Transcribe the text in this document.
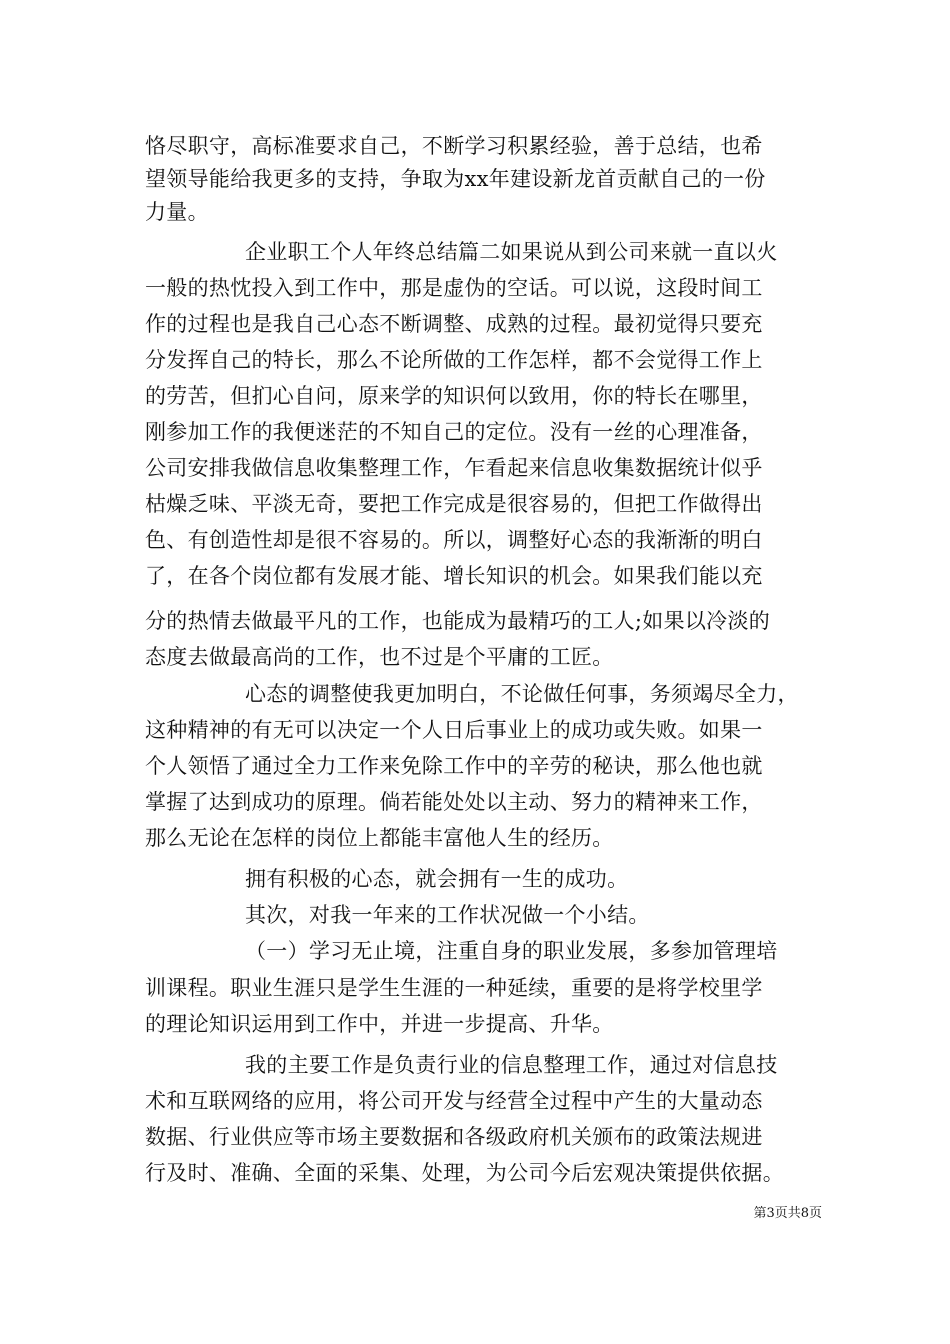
恪尽职守，高标准要求自己，不断学习积累经验，善于总结，也希
望领导能给我更多的支持，争取为xx年建设新龙首贡献自己的一份
力量。
企业职工个人年终总结篇二如果说从到公司来就一直以火
一般的热忱投入到工作中，那是虚伪的空话。可以说，这段时间工
作的过程也是我自己心态不断调整、成熟的过程。最初觉得只要充
分发挥自己的特长，那么不论所做的工作怎样，都不会觉得工作上
的劳苦，但扪心自问，原来学的知识何以致用，你的特长在哪里，
刚参加工作的我便迷茫的不知自己的定位。没有一丝的心理准备，
公司安排我做信息收集整理工作，乍看起来信息收集数据统计似乎
枯燥乏味、平淡无奇，要把工作完成是很容易的，但把工作做得出
色、有创造性却是很不容易的。所以，调整好心态的我渐渐的明白
了，在各个岗位都有发展才能、增长知识的机会。如果我们能以充
分的热情去做最平凡的工作，也能成为最精巧的工人;如果以冷淡的
态度去做最高尚的工作，也不过是个平庸的工匠。
心态的调整使我更加明白，不论做任何事，务须竭尽全力，
这种精神的有无可以决定一个人日后事业上的成功或失败。如果一
个人领悟了通过全力工作来免除工作中的辛劳的秘诀，那么他也就
掌握了达到成功的原理。倘若能处处以主动、努力的精神来工作，
那么无论在怎样的岗位上都能丰富他人生的经历。
拥有积极的心态，就会拥有一生的成功。
其次，对我一年来的工作状况做一个小结。
（一）学习无止境，注重自身的职业发展，多参加管理培
训课程。职业生涯只是学生生涯的一种延续，重要的是将学校里学
的理论知识运用到工作中，并进一步提高、升华。
我的主要工作是负责行业的信息整理工作，通过对信息技
术和互联网络的应用，将公司开发与经营全过程中产生的大量动态
数据、行业供应等市场主要数据和各级政府机关颁布的政策法规进
行及时、准确、全面的采集、处理，为公司今后宏观决策提供依据。
第3页共8页
